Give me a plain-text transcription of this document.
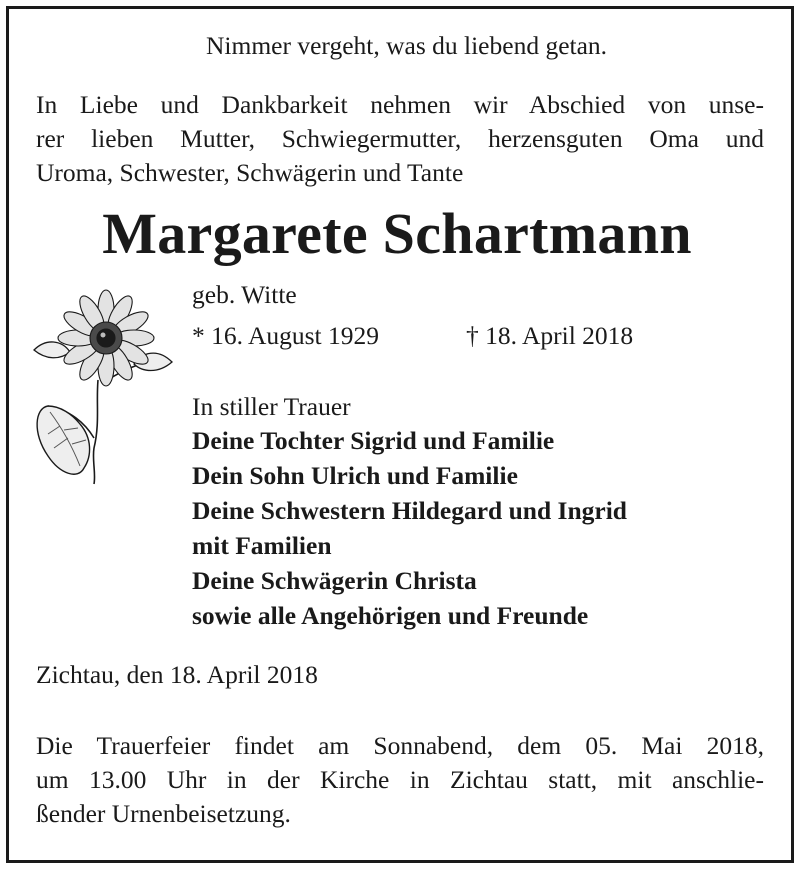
Nimmer vergeht, was du liebend getan.

In Liebe und Dankbarkeit nehmen wir Abschied von unse-

rer lieben Mutter, Schwiegermutter, herzensguten Oma und

Uroma, Schwester, Schwägerin und Tante

Margarete Schartmann

geb. Witte

* 16. August 1929	† 18. April 2018

In stiller Trauer

Deine Tochter Sigrid und Familie

Dein Sohn Ulrich und Familie

Deine Schwestern Hildegard und Ingrid

mit Familien

Deine Schwägerin Christa

sowie alle Angehörigen und Freunde

Zichtau, den 18. April 2018

Die Trauerfeier findet am Sonnabend, dem 05. Mai 2018,

um 13.00 Uhr in der Kirche in Zichtau statt, mit anschlie-

ßender Urnenbeisetzung.
